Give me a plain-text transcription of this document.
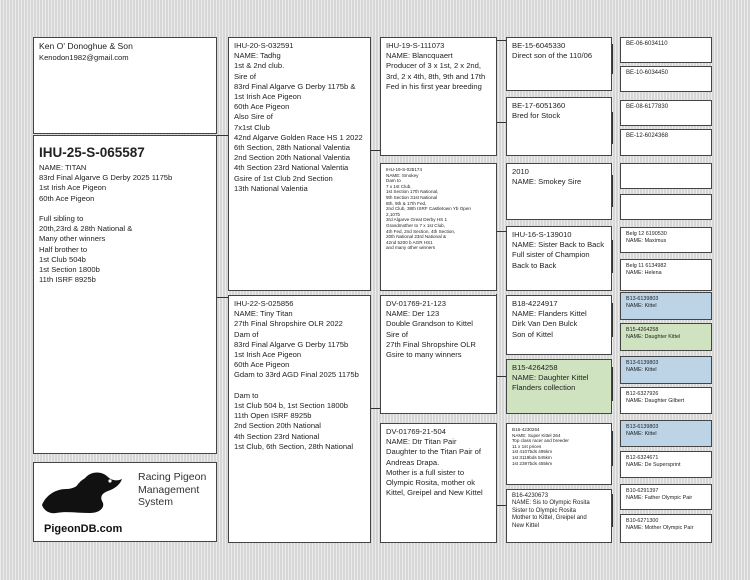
Ken O' Donoghue & Son
Kenodon1982@gmail.com
IHU-25-S-065587
NAME: TITAN
83rd Final Algarve G Derby 2025 1175b
1st Irish Ace Pigeon
60th Ace Pigeon

Full sibling to
20th,23rd & 28th National &
Many other winners
Half brother to
1st Club 504b
1st Section 1800b
11th ISRF 8925b
Racing Pigeon
Management
System
PigeonDB.com
IHU-20-S-032591
NAME: Tadhg
1st & 2nd club.
Sire of
83rd Final Algarve G Derby 1175b &
1st Irish Ace Pigeon
60th Ace Pigeon
Also Sire of
7x1st Club
42nd Algarve Golden Race HS 1 2022
6th Section, 28th National Valentia
2nd Section 20th National Valentia
4th Section 23rd National Valentia
Gsire of 1st Club 2nd Section
13th National Valentia
IHU-22-S-025856
NAME: Tiny Titan
27th Final Shropshire OLR 2022
Dam of
83rd Final Algarve G Derby 1175b
1st Irish Ace Pigeon
60th Ace Pigeon
Gdam to 33rd AGD Final 2025 1175b

Dam to
1st Club 504 b, 1st Section 1800b
11th Open ISRF 8925b
2nd Section 20th National
4th Section 23rd National
1st Club, 6th Section, 28th National
IHU-19-S-111073
NAME: Blancquaert
Producer of 3 x 1st, 2 x 2nd,
3rd, 2 x 4th, 8th, 9th and 17th
Fed in his first year breeding
IHU-19-S-025174
NAME: Smokey
Dam to
7 x 1st Club,
1st Section 17th National,
9th Section 31st National
8th, 9th & 17th Fed,
2nd Club, 38th ISRF Castletown Yb Open
2,107b
3rd Algarve Great Derby HS 1
Grandmother to 7 x 1st Club,
4th Fed, 2nd Section, 4th Section,
20th National 23rd National &
42nd 5200 b AGR HS1
and many other winners
DV-01769-21-123
NAME: Der 123
Double Grandson to Kittel
Sire of
27th Final Shropshire OLR
Gsire to many winners
DV-01769-21-504
NAME: Dtr Titan Pair
Daughter to the Titan Pair of
Andreas Drapa.
Mother is a full sister to
Olympic Rosita, mother ok
Kittel, Greipel and New Kittel
BE-15-6045330
Direct son of the 110/06
BE-17-6051360
Bred for Stock
2010
NAME: Smokey Sire
IHU-16-S-139010
NAME: Sister Back to Back
Full sister of Champion
Back to Back
B18-4224917
NAME: Flanders Kittel
Dirk Van Den Bulck
Son of Kittel
B15-4264258
NAME: Daughter Kittel
Flanders collection
B16-4230264
NAME: Super Kittel 264
Top class racer and breeder
11 x 1st prices
1st 4107bds 495km
1st 3119bds 545km
1st 2397bds 455km
B16-4230673
NAME: Sis to Olympic Rosita
Sister to Olympic Rosita
Mother to Kittel, Greipel and
New Kittel
BE-06-6034110
BE-10-6034450
BE-08-6177830
BE-12-6024368
Belg 12 6190530
NAME: Maximus
Belg 11 6134982
NAME: Helena
B13-6139803
NAME: Kittel
B15-4264258
NAME: Daughter Kittel
B13-6139803
NAME: Kittel
B12-6327926
NAME: Daughter Gilbert
B13-6139803
NAME: Kittel
B12-6324671
NAME: De Supersprint
B10-6291397
NAME: Father Olympic Pair
B10-6271300
NAME: Mother Olympic Pair
